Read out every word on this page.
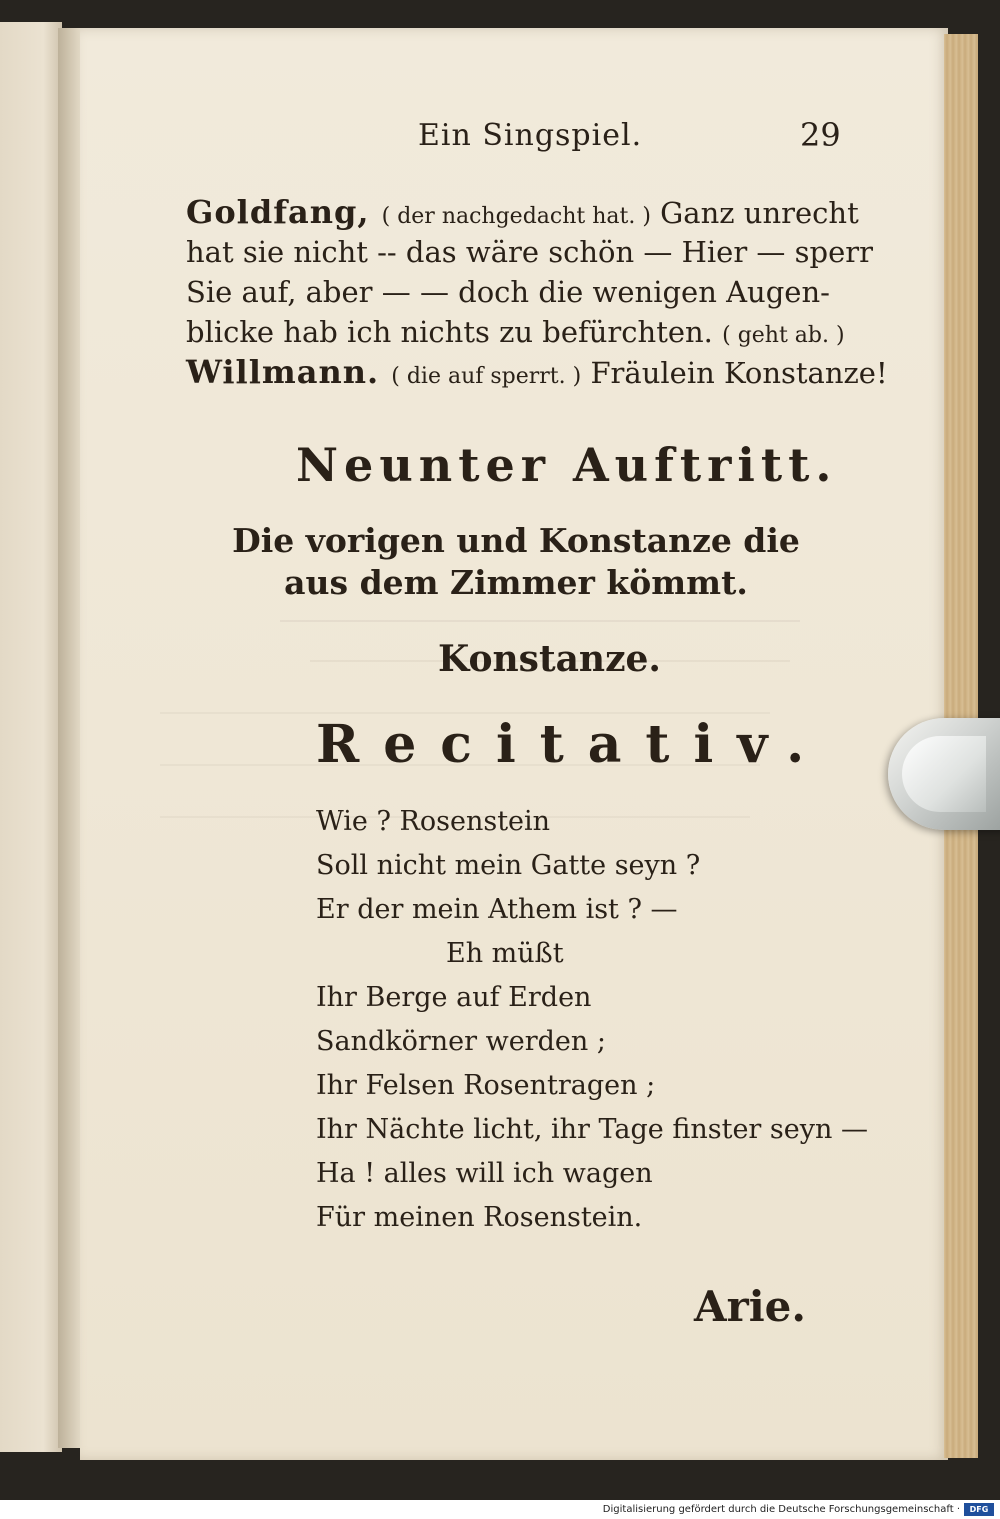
Ein Singspiel.	29
Goldfang, ( der nachgedacht hat. ) Ganz unrecht
hat sie nicht -- das wäre schön — Hier — sperr
Sie auf, aber — — doch die wenigen Augen-
blicke hab ich nichts zu befürchten. ( geht ab. )
Willmann. ( die auf sperrt. ) Fräulein Konstanze!
Neunter Auftritt.
Die vorigen und Konstanze die aus dem Zimmer kömmt.
Konstanze.
Recitativ.
Wie ? Rosenstein
Soll nicht mein Gatte seyn ?
Er der mein Athem ist ? —
Eh müßt
Ihr Berge auf Erden
Sandkörner werden ;
Ihr Felsen Rosentragen ;
Ihr Nächte licht, ihr Tage finster seyn —
Ha ! alles will ich wagen
Für meinen Rosenstein.
Arie.
Digitalisierung gefördert durch die Deutsche Forschungsgemeinschaft ·	DFG
